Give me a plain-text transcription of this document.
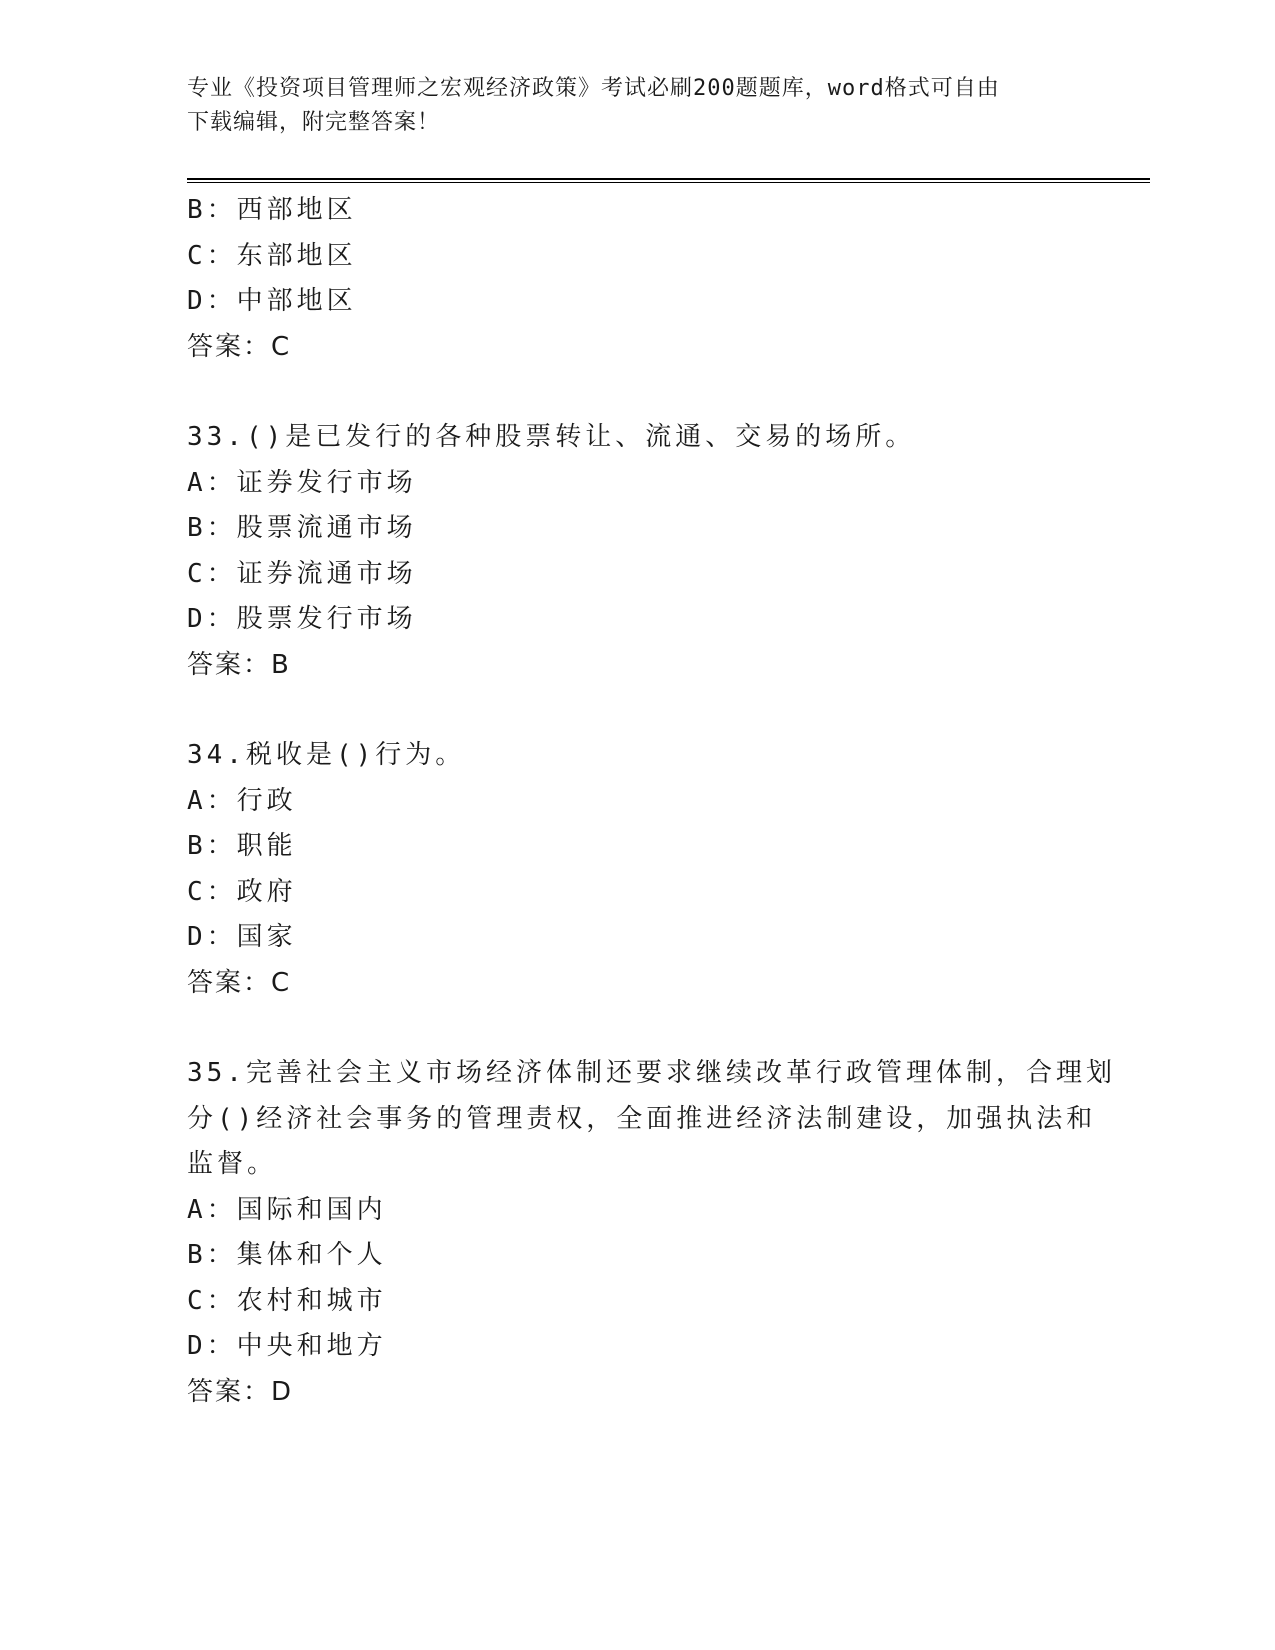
专业《投资项目管理师之宏观经济政策》考试必刷200题题库，word格式可自由
下载编辑，附完整答案！
B：西部地区
C：东部地区
D：中部地区
答案：C
33.()是已发行的各种股票转让、流通、交易的场所。
A：证券发行市场
B：股票流通市场
C：证券流通市场
D：股票发行市场
答案：B
34.税收是()行为。
A：行政
B：职能
C：政府
D：国家
答案：C
35.完善社会主义市场经济体制还要求继续改革行政管理体制，合理划
分()经济社会事务的管理责权，全面推进经济法制建设，加强执法和
监督。
A：国际和国内
B：集体和个人
C：农村和城市
D：中央和地方
答案：D
